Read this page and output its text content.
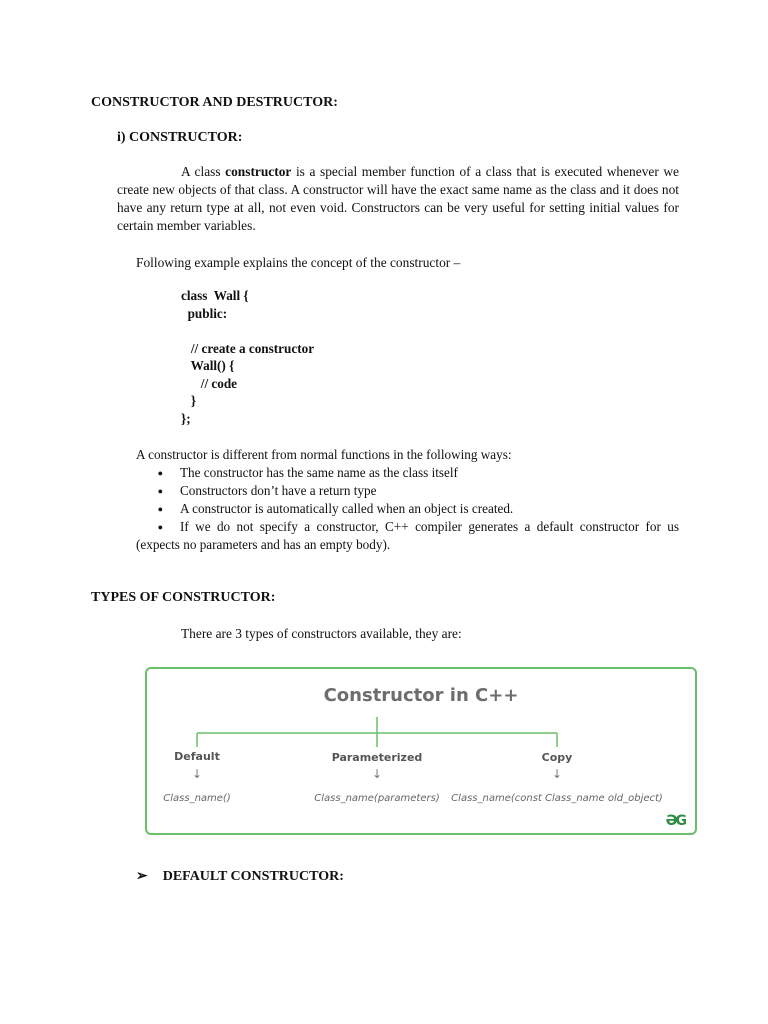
CONSTRUCTOR AND DESTRUCTOR:
i) CONSTRUCTOR:
A class constructor is a special member function of a class that is executed whenever we create new objects of that class. A constructor will have the exact same name as the class and it does not have any return type at all, not even void. Constructors can be very useful for setting initial values for certain member variables.
Following example explains the concept of the constructor –
class  Wall {
public:
// create a constructor
Wall() {
// code
}
};
A constructor is different from normal functions in the following ways:
●	The constructor has the same name as the class itself
●	Constructors don’t have a return type
●	A constructor is automatically called when an object is created.
●	If we do not specify a constructor, C++ compiler generates a default constructor for us
(expects no parameters and has an empty body).
TYPES OF CONSTRUCTOR:
There are 3 types of constructors available, they are:
Constructor in C++
Default	Parameterized	Copy
↓	↓	↓
Class_name()	Class_name(parameters) Class_name(const Class_name old_object)
ƏG
➢ DEFAULT CONSTRUCTOR:
